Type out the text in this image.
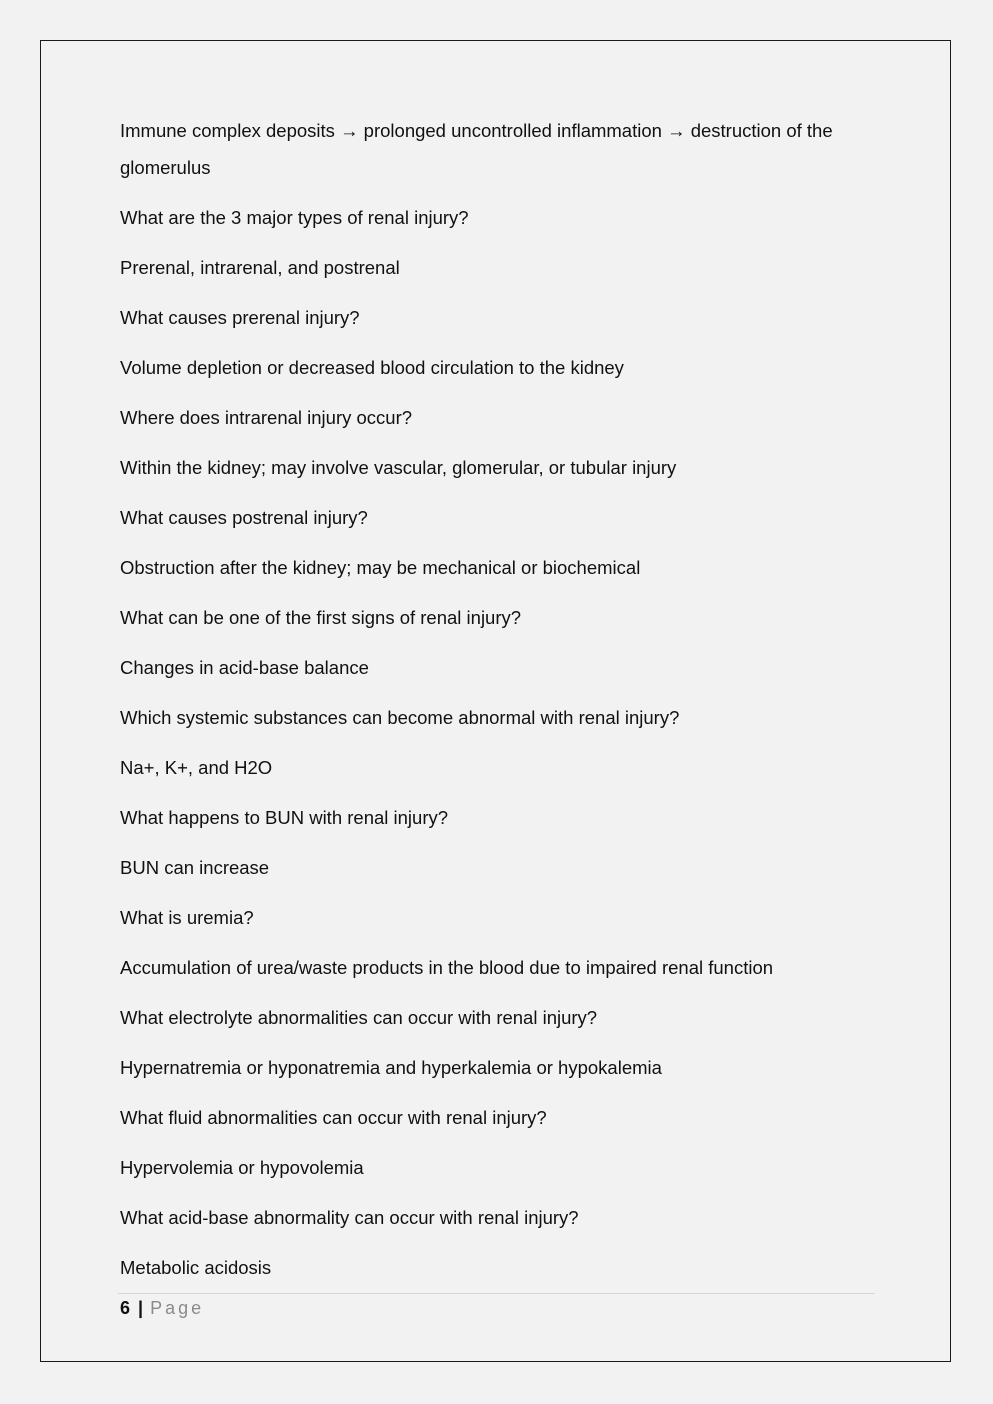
Immune complex deposits → prolonged uncontrolled inflammation → destruction of the glomerulus

What are the 3 major types of renal injury?

Prerenal, intrarenal, and postrenal

What causes prerenal injury?

Volume depletion or decreased blood circulation to the kidney

Where does intrarenal injury occur?

Within the kidney; may involve vascular, glomerular, or tubular injury

What causes postrenal injury?

Obstruction after the kidney; may be mechanical or biochemical

What can be one of the first signs of renal injury?

Changes in acid-base balance

Which systemic substances can become abnormal with renal injury?

Na+, K+, and H2O

What happens to BUN with renal injury?

BUN can increase

What is uremia?

Accumulation of urea/waste products in the blood due to impaired renal function

What electrolyte abnormalities can occur with renal injury?

Hypernatremia or hyponatremia and hyperkalemia or hypokalemia

What fluid abnormalities can occur with renal injury?

Hypervolemia or hypovolemia

What acid-base abnormality can occur with renal injury?

Metabolic acidosis

6 | Page
